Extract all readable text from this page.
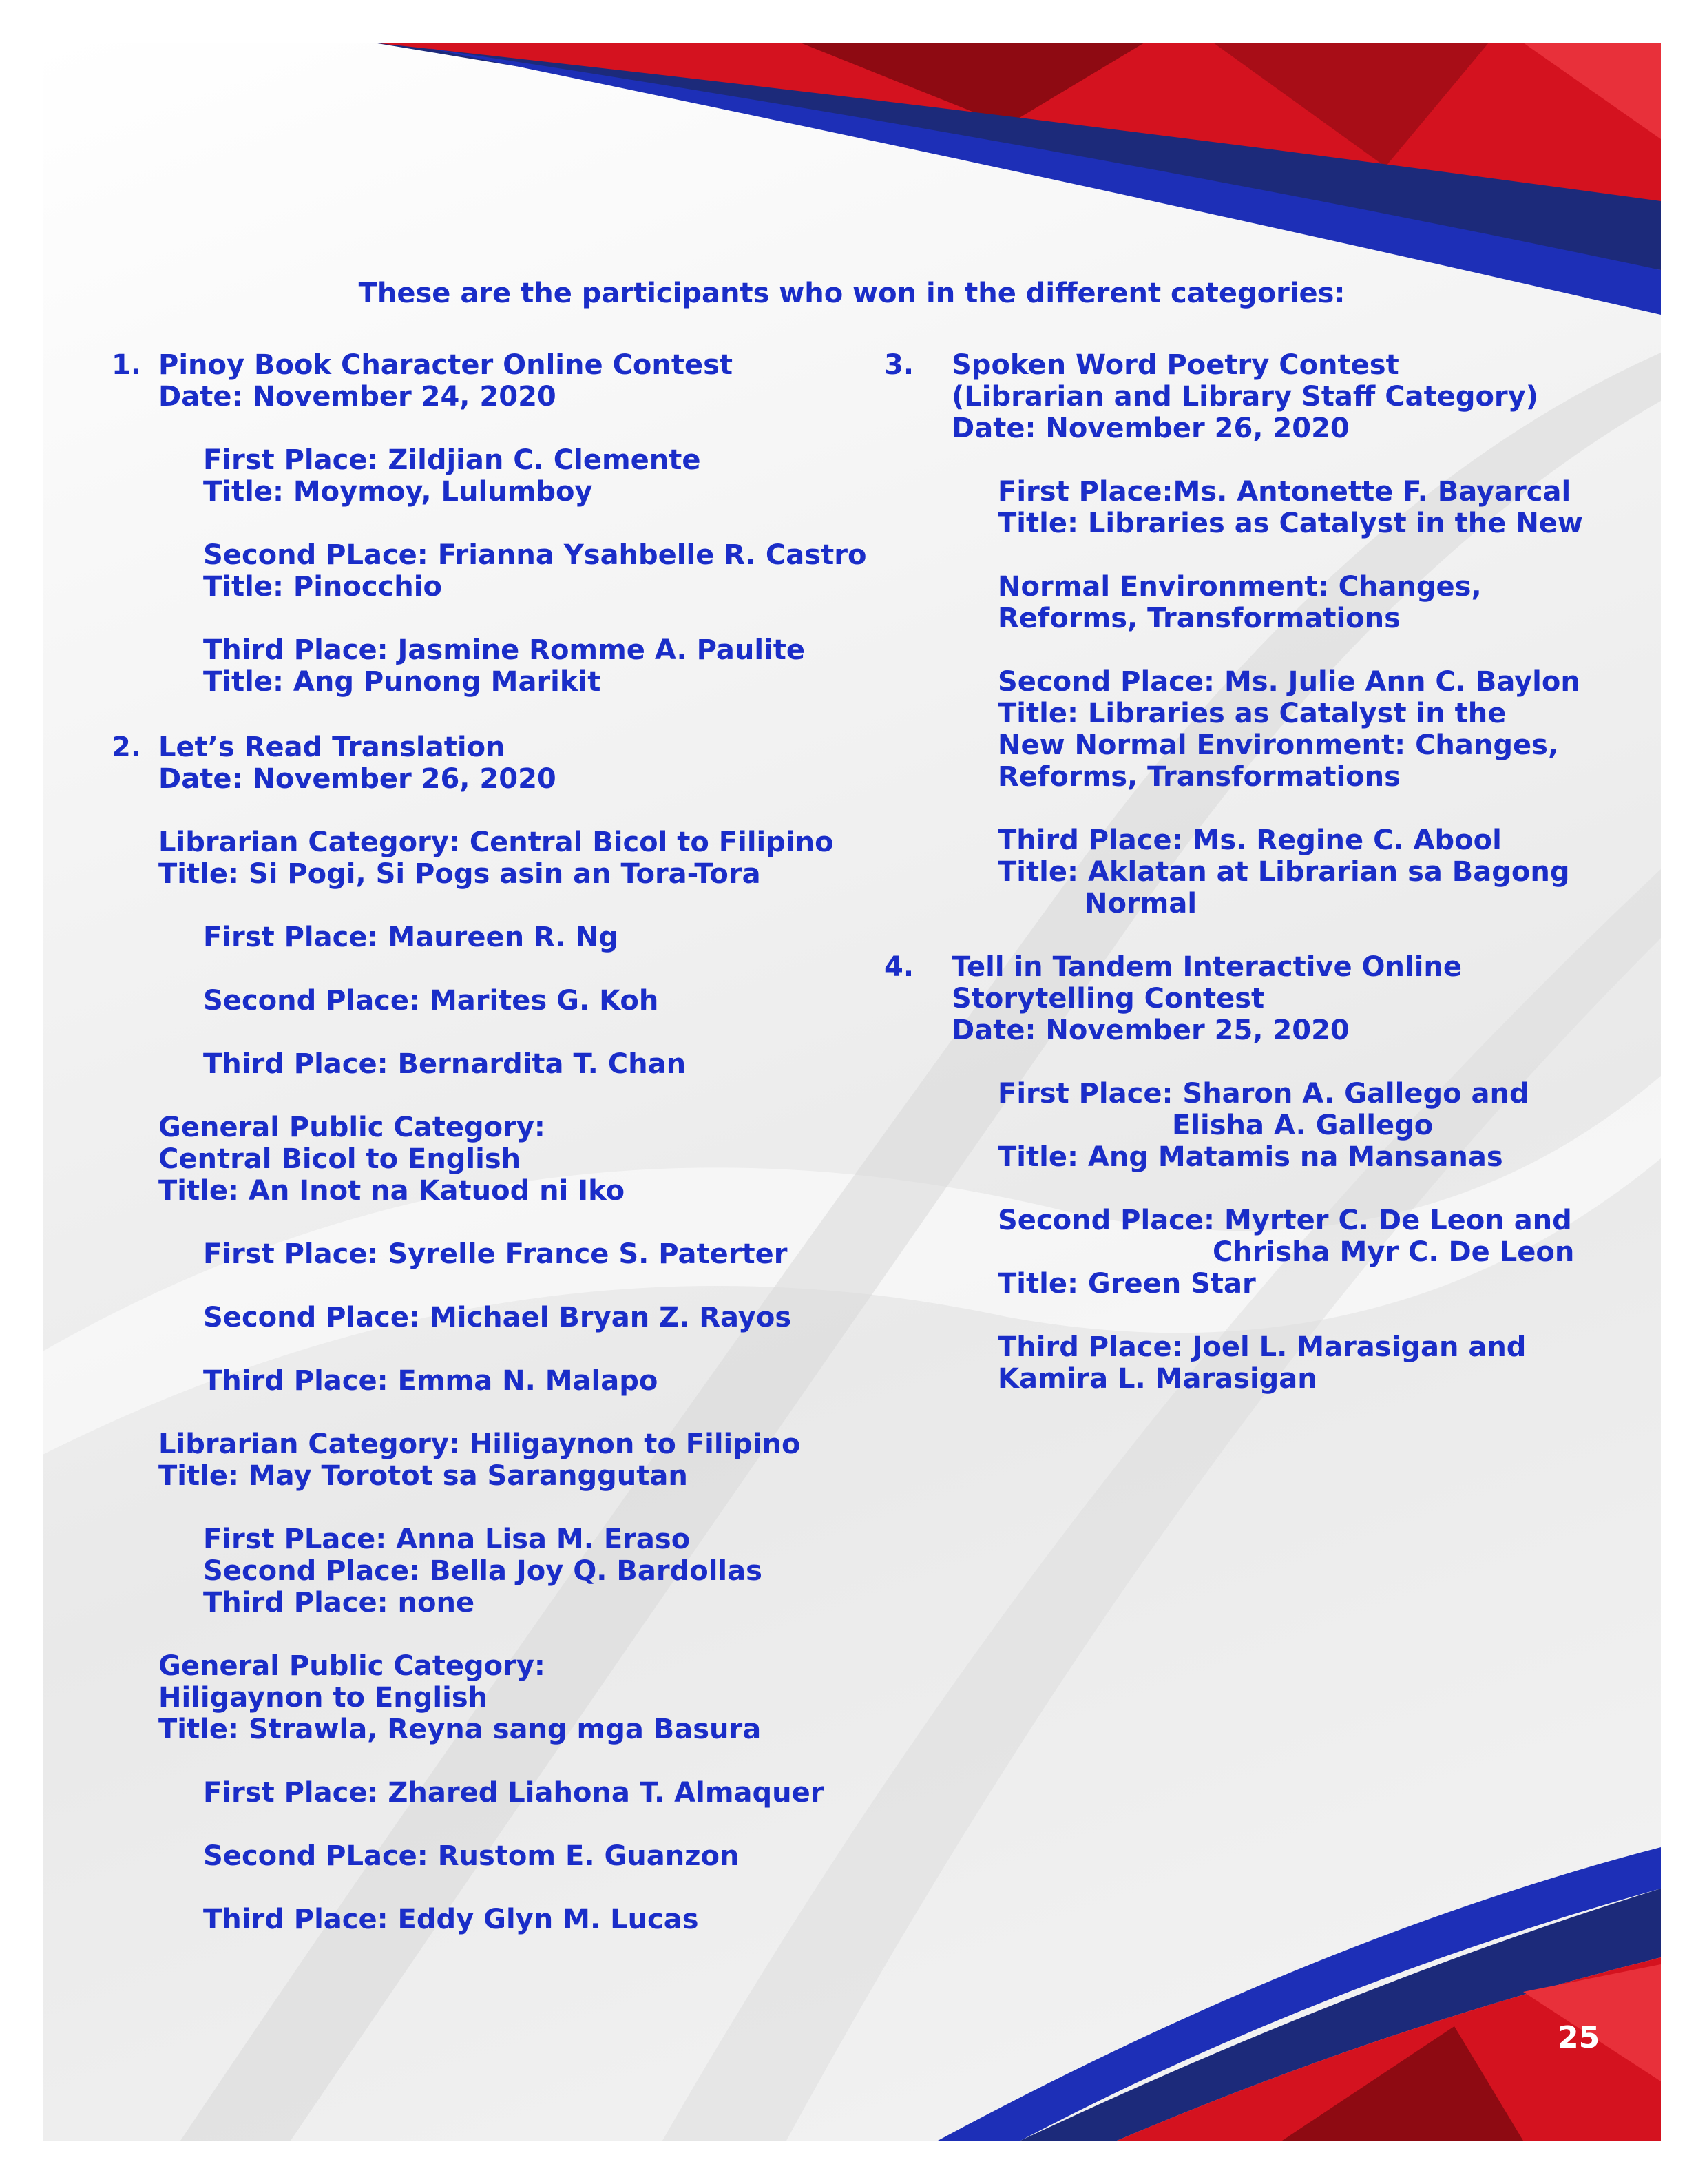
These are the participants who won in the different categories:
1. Pinoy Book Character Online Contest
Date: November 24, 2020
First Place: Zildjian C. Clemente
Title: Moymoy, Lulumboy
Second PLace: Frianna Ysahbelle R. Castro
Title: Pinocchio
Third Place: Jasmine Romme A. Paulite
Title: Ang Punong Marikit
2. Let’s Read Translation
Date: November 26, 2020
Librarian Category: Central Bicol to Filipino
Title: Si Pogi, Si Pogs asin an Tora-Tora
First Place: Maureen R. Ng
Second Place: Marites G. Koh
Third Place: Bernardita T. Chan
General Public Category:
Central Bicol to English
Title: An Inot na Katuod ni Iko
First Place: Syrelle France S. Paterter
Second Place: Michael Bryan Z. Rayos
Third Place: Emma N. Malapo
Librarian Category: Hiligaynon to Filipino
Title: May Torotot sa Saranggutan
First PLace: Anna Lisa M. Eraso
Second Place: Bella Joy Q. Bardollas
Third Place: none
General Public Category:
Hiligaynon to English
Title: Strawla, Reyna sang mga Basura
First Place: Zhared Liahona T. Almaquer
Second PLace: Rustom E. Guanzon
Third Place: Eddy Glyn M. Lucas
3. Spoken Word Poetry Contest
(Librarian and Library Staff Category)
Date: November 26, 2020
First Place:Ms. Antonette F. Bayarcal
Title: Libraries as Catalyst in the New
Normal Environment: Changes,
Reforms, Transformations
Second Place: Ms. Julie Ann C. Baylon
Title: Libraries as Catalyst in the
New Normal Environment: Changes,
Reforms, Transformations
Third Place: Ms. Regine C. Abool
Title: Aklatan at Librarian sa Bagong
Normal
4. Tell in Tandem Interactive Online
Storytelling Contest
Date: November 25, 2020
First Place: Sharon A. Gallego and
Elisha A. Gallego
Title: Ang Matamis na Mansanas
Second Place: Myrter C. De Leon and
Chrisha Myr C. De Leon
Title: Green Star
Third Place: Joel L. Marasigan and
Kamira L. Marasigan
25
